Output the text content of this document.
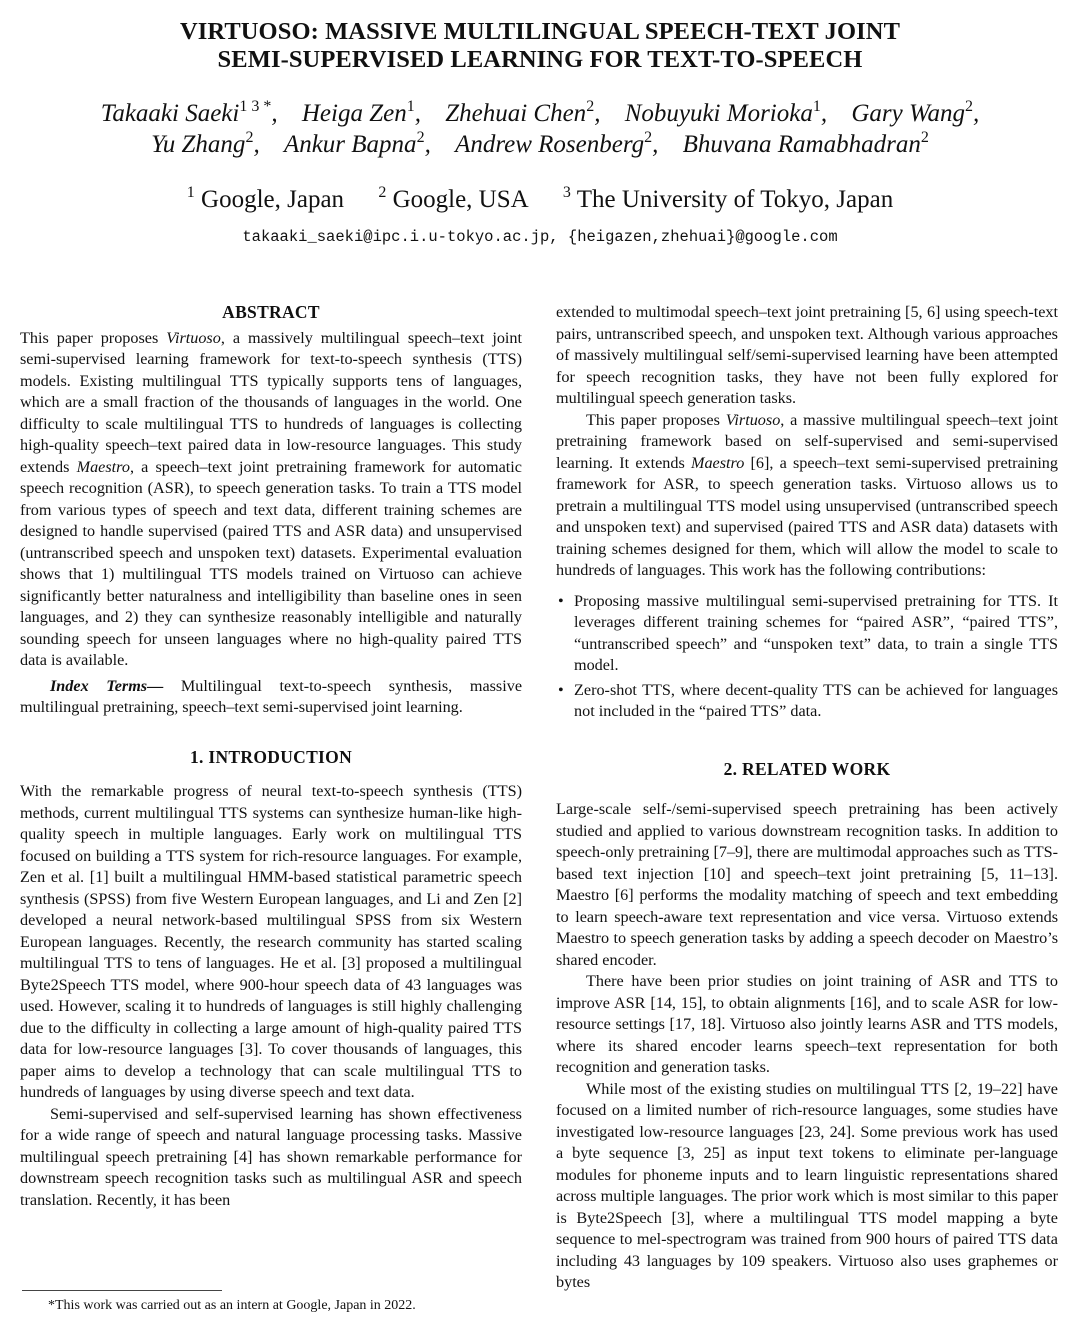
VIRTUOSO: MASSIVE MULTILINGUAL SPEECH-TEXT JOINT
SEMI-SUPERVISED LEARNING FOR TEXT-TO-SPEECH
Takaaki Saeki$^{1 3 *}$, Heiga Zen$^1$, Zhehuai Chen$^2$, Nobuyuki Morioka$^1$, Gary Wang$^2$,
Yu Zhang$^2$, Ankur Bapna$^2$, Andrew Rosenberg$^2$, Bhuvana Ramabhadran$^2$
$^1$ Google, Japan $^2$ Google, USA $^3$ The University of Tokyo, Japan
takaaki_saeki@ipc.i.u-tokyo.ac.jp, {heigazen,zhehuai}@google.com
ABSTRACT

This paper proposes Virtuoso, a massively multilingual speech–text joint semi-supervised learning framework for text-to-speech synthesis (TTS) models. Existing multilingual TTS typically supports tens of languages, which are a small fraction of the thousands of languages in the world. One difficulty to scale multilingual TTS to hundreds of languages is collecting high-quality speech–text paired data in low-resource languages. This study extends Maestro, a speech–text joint pretraining framework for automatic speech recognition (ASR), to speech generation tasks. To train a TTS model from various types of speech and text data, different training schemes are designed to handle supervised (paired TTS and ASR data) and unsupervised (untranscribed speech and unspoken text) datasets. Experimental evaluation shows that 1) multilingual TTS models trained on Virtuoso can achieve significantly better naturalness and intelligibility than baseline ones in seen languages, and 2) they can synthesize reasonably intelligible and naturally sounding speech for unseen languages where no high-quality paired TTS data is available.

Index Terms— Multilingual text-to-speech synthesis, massive multilingual pretraining, speech–text semi-supervised joint learning.

1. INTRODUCTION

With the remarkable progress of neural text-to-speech synthesis (TTS) methods, current multilingual TTS systems can synthesize human-like high-quality speech in multiple languages. Early work on multilingual TTS focused on building a TTS system for rich-resource languages. For example, Zen et al. [1] built a multilingual HMM-based statistical parametric speech synthesis (SPSS) from five Western European languages, and Li and Zen [2] developed a neural network-based multilingual SPSS from six Western European languages. Recently, the research community has started scaling multilingual TTS to tens of languages. He et al. [3] proposed a multilingual Byte2Speech TTS model, where 900-hour speech data of 43 languages was used. However, scaling it to hundreds of languages is still highly challenging due to the difficulty in collecting a large amount of high-quality paired TTS data for low-resource languages [3]. To cover thousands of languages, this paper aims to develop a technology that can scale multilingual TTS to hundreds of languages by using diverse speech and text data.

Semi-supervised and self-supervised learning has shown effectiveness for a wide range of speech and natural language processing tasks. Massive multilingual speech pretraining [4] has shown remarkable performance for downstream speech recognition tasks such as multilingual ASR and speech translation. Recently, it has been

extended to multimodal speech–text joint pretraining [5, 6] using speech-text pairs, untranscribed speech, and unspoken text. Although various approaches of massively multilingual self/semi-supervised learning have been attempted for speech recognition tasks, they have not been fully explored for multilingual speech generation tasks.

This paper proposes Virtuoso, a massive multilingual speech–text joint pretraining framework based on self-supervised and semi-supervised learning. It extends Maestro [6], a speech–text semi-supervised pretraining framework for ASR, to speech generation tasks. Virtuoso allows us to pretrain a multilingual TTS model using unsupervised (untranscribed speech and unspoken text) and supervised (paired TTS and ASR data) datasets with training schemes designed for them, which will allow the model to scale to hundreds of languages. This work has the following contributions:

• Proposing massive multilingual semi-supervised pretraining for TTS. It leverages different training schemes for “paired ASR”, “paired TTS”, “untranscribed speech” and “unspoken text” data, to train a single TTS model.
• Zero-shot TTS, where decent-quality TTS can be achieved for languages not included in the “paired TTS” data.
2. RELATED WORK

Large-scale self-/semi-supervised speech pretraining has been actively studied and applied to various downstream recognition tasks. In addition to speech-only pretraining [7–9], there are multimodal approaches such as TTS-based text injection [10] and speech–text joint pretraining [5, 11–13]. Maestro [6] performs the modality matching of speech and text embedding to learn speech-aware text representation and vice versa. Virtuoso extends Maestro to speech generation tasks by adding a speech decoder on Maestro’s shared encoder.

There have been prior studies on joint training of ASR and TTS to improve ASR [14, 15], to obtain alignments [16], and to scale ASR for low-resource settings [17, 18]. Virtuoso also jointly learns ASR and TTS models, where its shared encoder learns speech–text representation for both recognition and generation tasks.

While most of the existing studies on multilingual TTS [2, 19–22] have focused on a limited number of rich-resource languages, some studies have investigated low-resource languages [23, 24]. Some previous work has used a byte sequence [3, 25] as input text tokens to eliminate per-language modules for phoneme inputs and to learn linguistic representations shared across multiple languages. The prior work which is most similar to this paper is Byte2Speech [3], where a multilingual TTS model mapping a byte sequence to mel-spectrogram was trained from 900 hours of paired TTS data including 43 languages by 109 speakers. Virtuoso also uses graphemes or bytes

*This work was carried out as an intern at Google, Japan in 2022.
